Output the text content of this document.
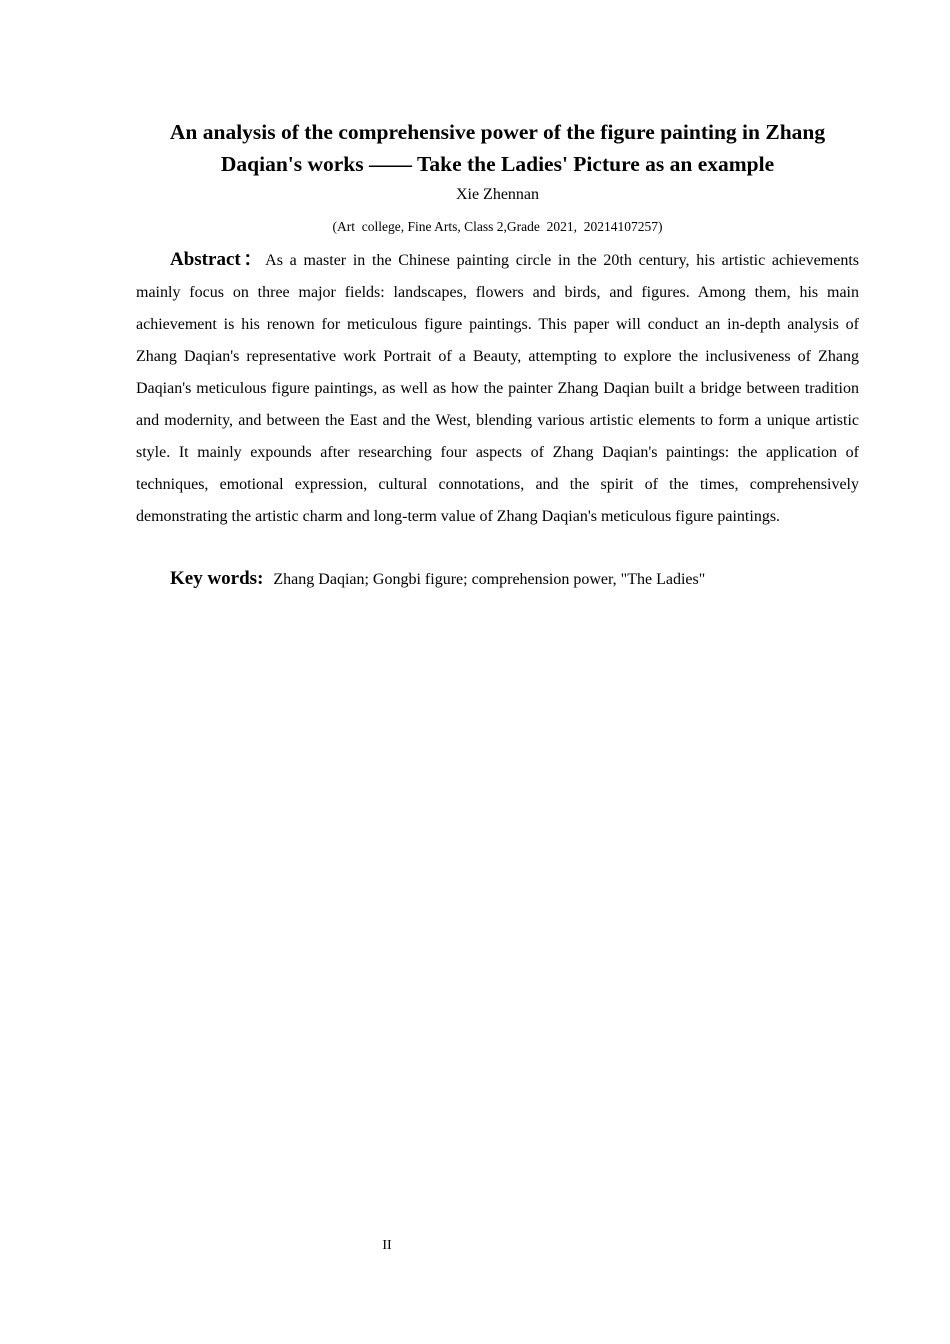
An analysis of the comprehensive power of the figure painting in Zhang Daqian's works —— Take the Ladies' Picture as an example
Xie Zhennan
(Art  college, Fine Arts, Class 2,Grade  2021,  20214107257)

Abstract：As a master in the Chinese painting circle in the 20th century, his artistic achievements mainly focus on three major fields: landscapes, flowers and birds, and figures. Among them, his main achievement is his renown for meticulous figure paintings. This paper will conduct an in-depth analysis of Zhang Daqian's representative work Portrait of a Beauty, attempting to explore the inclusiveness of Zhang Daqian's meticulous figure paintings, as well as how the painter Zhang Daqian built a bridge between tradition and modernity, and between the East and the West, blending various artistic elements to form a unique artistic style. It mainly expounds after researching four aspects of Zhang Daqian's paintings: the application of techniques, emotional expression, cultural connotations, and the spirit of the times, comprehensively demonstrating the artistic charm and long-term value of Zhang Daqian's meticulous figure paintings.

Key words: Zhang Daqian; Gongbi figure; comprehension power, "The Ladies"

II
